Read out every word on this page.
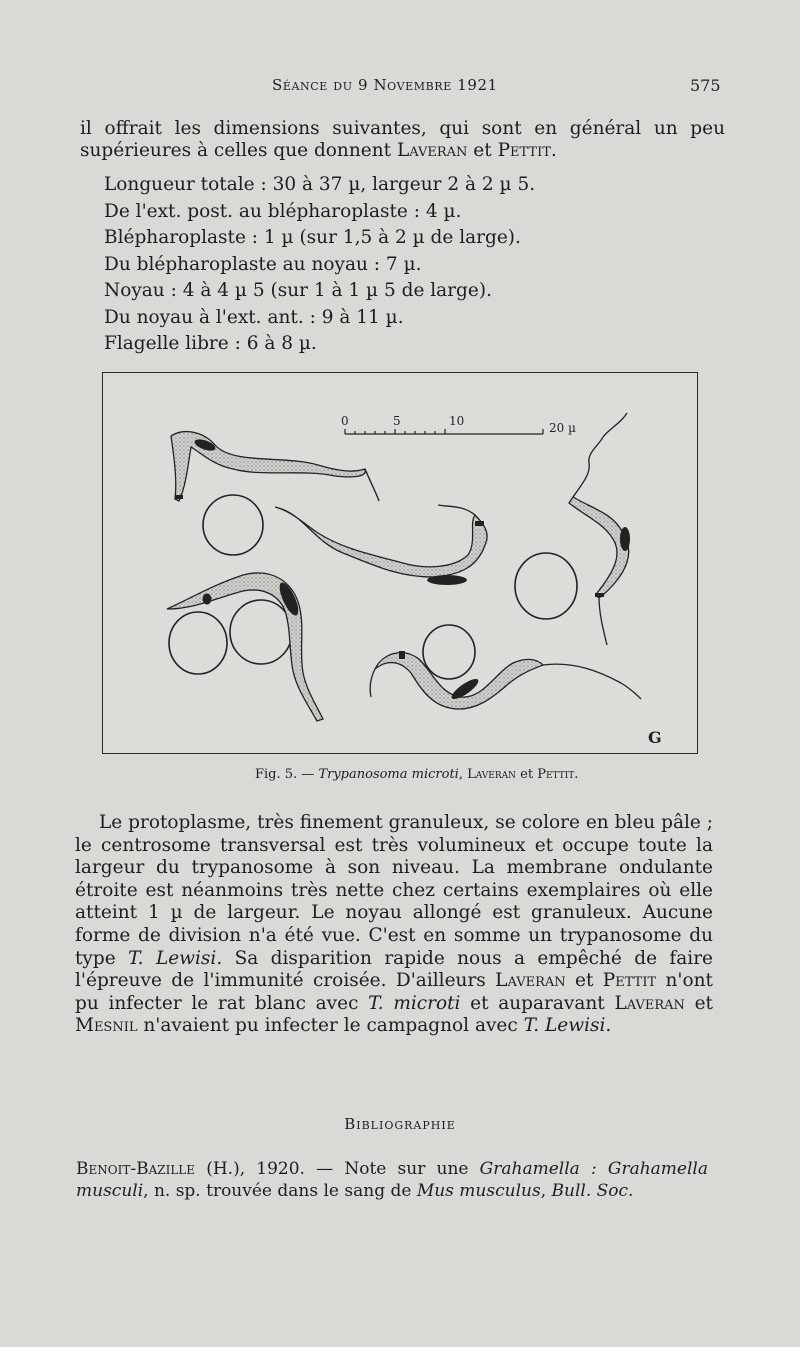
Séance du 9 Novembre 1921	575

il offrait les dimensions suivantes, qui sont en général un peu supérieures à celles que donnent Laveran et Pettit.

Longueur totale : 30 à 37 µ, largeur 2 à 2 µ 5.
De l'ext. post. au blépharoplaste : 4 µ.
Blépharoplaste : 1 µ (sur 1,5 à 2 µ de large).
Du blépharoplaste au noyau : 7 µ.
Noyau : 4 à 4 µ 5 (sur 1 à 1 µ 5 de large).
Du noyau à l'ext. ant. : 9 à 11 µ.
Flagelle libre : 6 à 8 µ.
0	5	10	20 µ
G
Fig. 5. — Trypanosoma microti, Laveran et Pettit.

Le protoplasme, très finement granuleux, se colore en bleu pâle ; le centrosome transversal est très volumineux et occupe toute la largeur du trypanosome à son niveau. La membrane ondulante étroite est néanmoins très nette chez certains exemplaires où elle atteint 1 µ de largeur. Le noyau allongé est granuleux. Aucune forme de division n'a été vue. C'est en somme un trypanosome du type T. Lewisi. Sa disparition rapide nous a empêché de faire l'épreuve de l'immunité croisée. D'ailleurs Laveran et Pettit n'ont pu infecter le rat blanc avec T. microti et auparavant Laveran et Mesnil n'avaient pu infecter le campagnol avec T. Lewisi.

Bibliographie
Benoit-Bazille (H.), 1920. — Note sur une Grahamella : Grahamella musculi, n. sp. trouvée dans le sang de Mus musculus, Bull. Soc.
